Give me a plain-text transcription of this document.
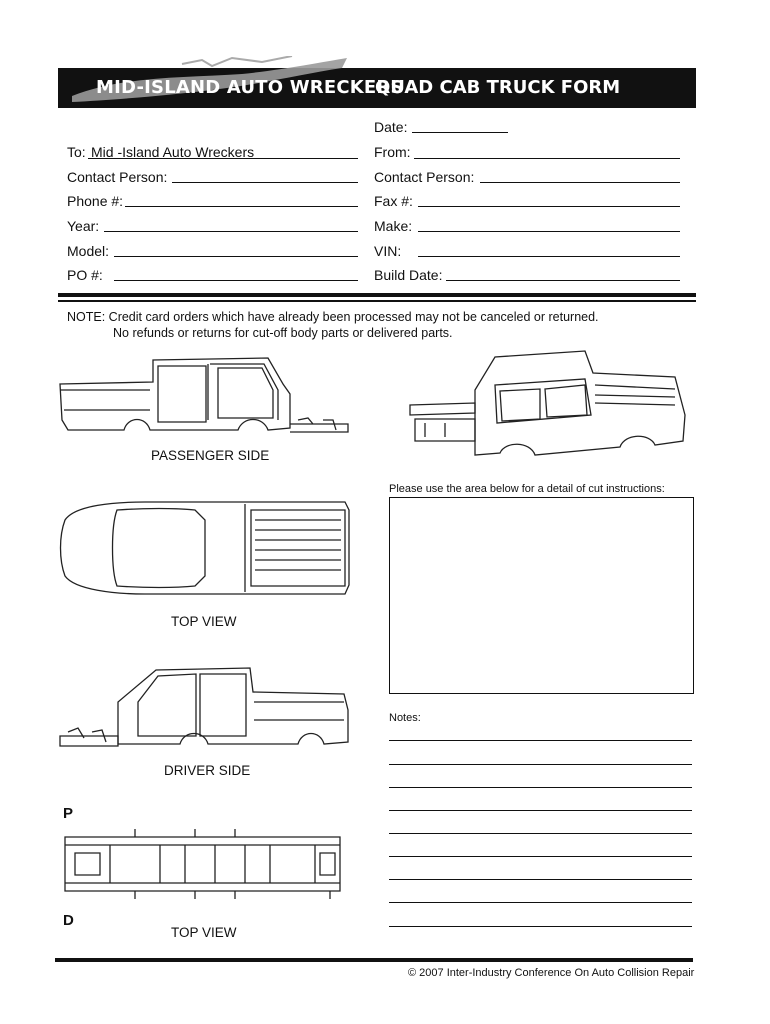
MID-ISLAND AUTO WRECKERS
QUAD CAB TRUCK FORM
Date:
To: Mid -Island Auto Wreckers	From:
Contact Person:	Contact Person:
Phone #:	Fax #:
Year:	Make:
Model:	VIN:
PO #:	Build Date:
NOTE: Credit card orders which have already been processed may not be canceled or returned.
No refunds or returns for cut-off body parts or delivered parts.
PASSENGER SIDE
TOP VIEW
DRIVER SIDE
P
D
TOP VIEW
Please use the area below for a detail of cut instructions:
Notes:
© 2007 Inter-Industry Conference On Auto Collision Repair
